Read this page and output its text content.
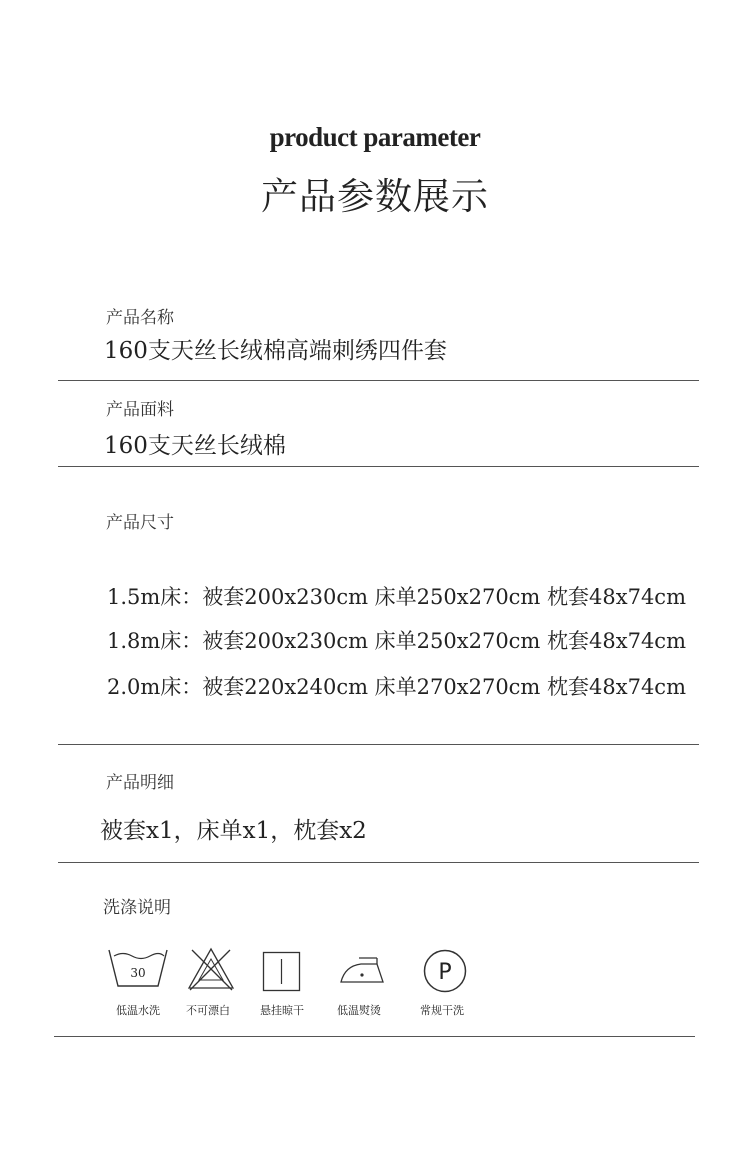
product parameter
产品参数展示
产品名称
160支天丝长绒棉高端刺绣四件套
产品面料
160支天丝长绒棉
产品尺寸
1.5m床：被套200x230cm 床单250x270cm 枕套48x74cm
1.8m床：被套200x230cm 床单250x270cm 枕套48x74cm
2.0m床：被套220x240cm 床单270x270cm 枕套48x74cm
产品明细
被套x1，床单x1，枕套x2
洗涤说明
30
低温水洗	不可漂白	悬挂晾干	低温熨烫
P
常规干洗
